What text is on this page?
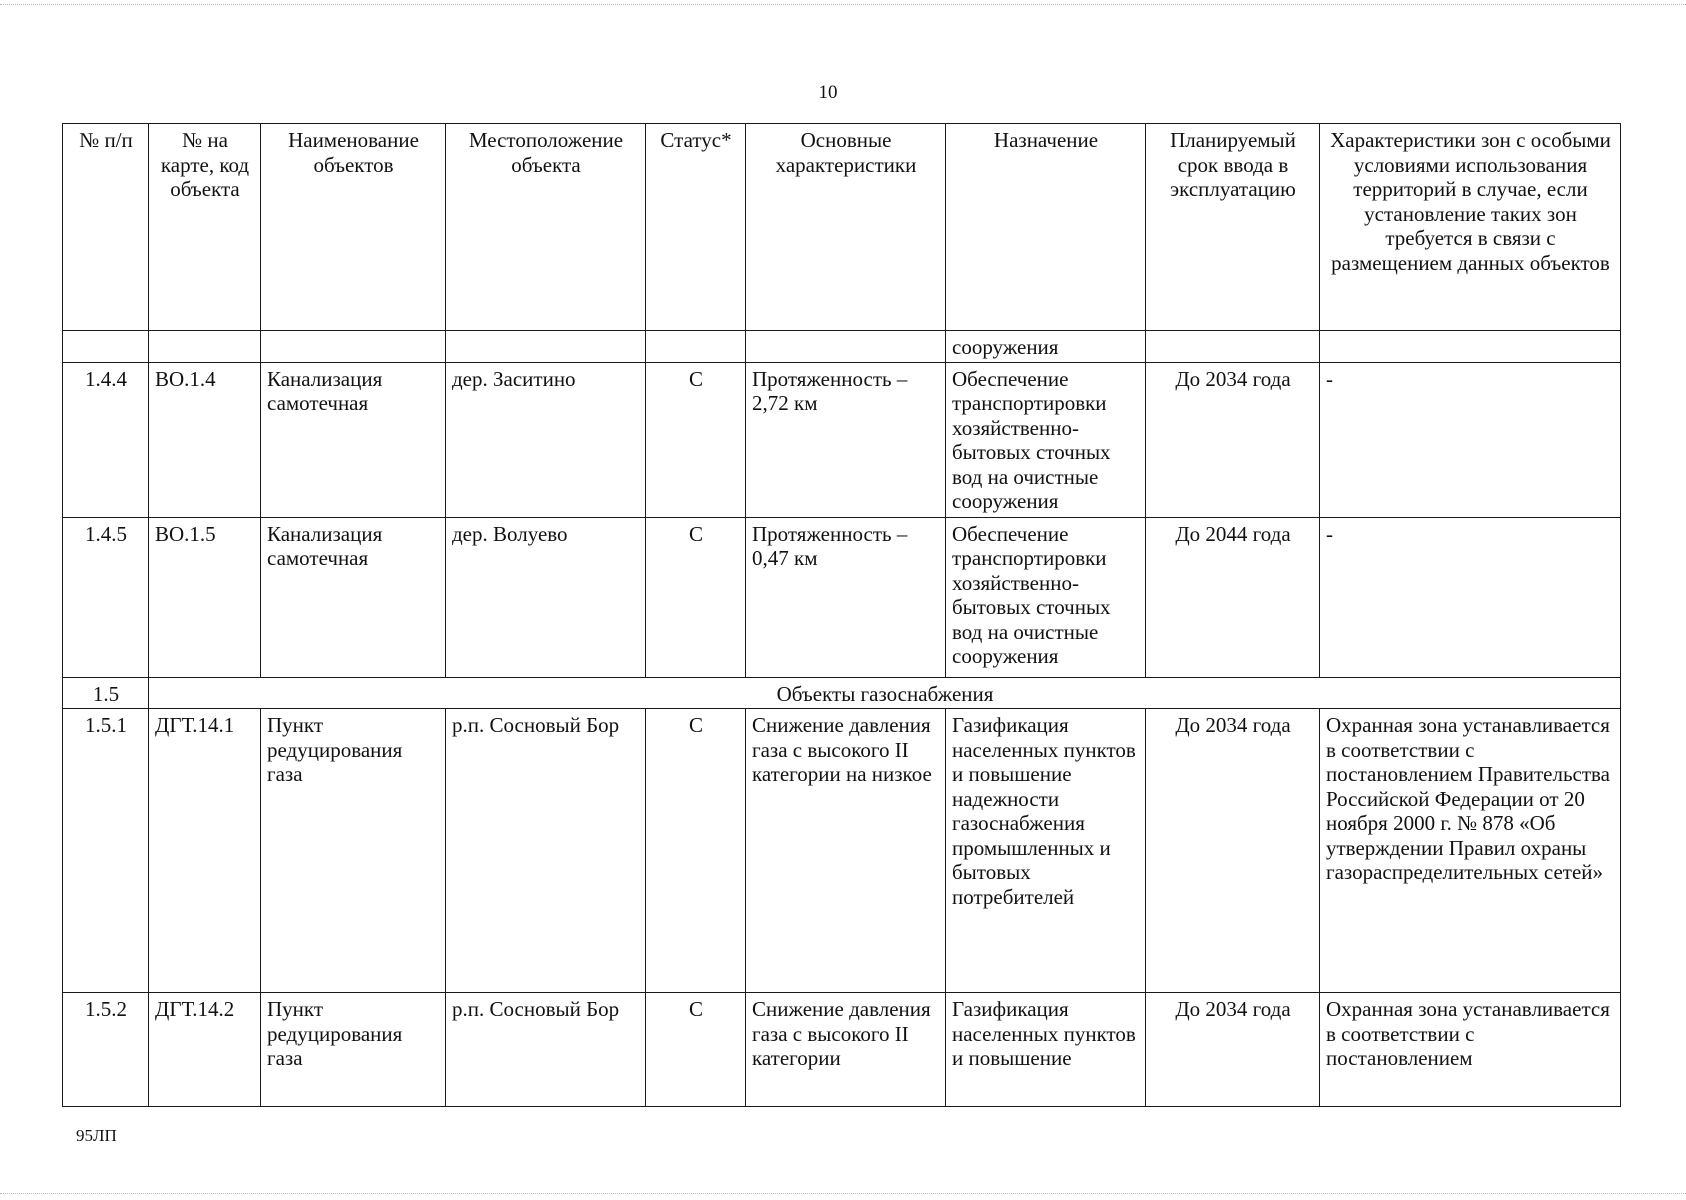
10
№ п/п	№ на карте, код объекта	Наименование объектов	Местоположение объекта	Статус*	Основные характеристики	Назначение	Планируемый срок ввода в эксплуатацию	Характеристики зон с особыми условиями использования территорий в случае, если установление таких зон требуется в связи с размещением данных объектов
						сооружения		
1.4.4	ВО.1.4	Канализация самотечная	дер. Заситино	С	Протяженность – 2,72 км	Обеспечение транспортировки хозяйственно-бытовых сточных вод на очистные сооружения	До 2034 года	-
1.4.5	ВО.1.5	Канализация самотечная	дер. Волуево	С	Протяженность – 0,47 км	Обеспечение транспортировки хозяйственно-бытовых сточных вод на очистные сооружения	До 2044 года	-
1.5	Объекты газоснабжения							
1.5.1	ДГТ.14.1	Пункт редуцирования газа	р.п. Сосновый Бор	С	Снижение давления газа с высокого II категории на низкое	Газификация населенных пунктов и повышение надежности газоснабжения промышленных и бытовых потребителей	До 2034 года	Охранная зона устанавливается в соответствии с постановлением Правительства Российской Федерации от 20 ноября 2000 г. № 878 «Об утверждении Правил охраны газораспределительных сетей»
1.5.2	ДГТ.14.2	Пункт редуцирования газа	р.п. Сосновый Бор	С	Снижение давления газа с высокого II категории	Газификация населенных пунктов и повышение	До 2034 года	Охранная зона устанавливается в соответствии с постановлением
95ЛП
